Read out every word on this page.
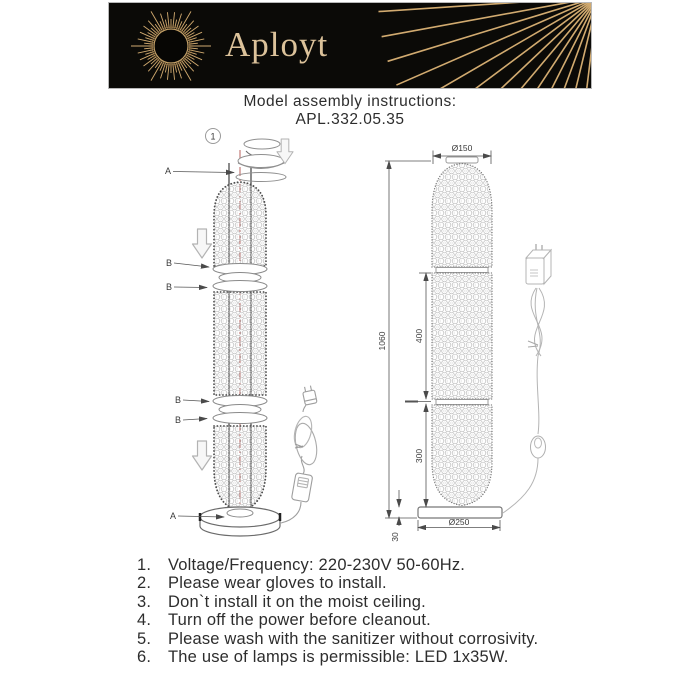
Aployt
Model assembly instructions:
APL.332.05.35
1
A
B
B
B
B
A
Ø150
1060	400
300
30
Ø250
1.	Voltage/Frequency: 220-230V 50-60Hz.
2.	Please wear gloves to install.
3.	Don`t install it on the moist ceiling.
4.	Turn off the power before cleanout.
5.	Please wash with the sanitizer without corrosivity.
6.	The use of lamps is permissible: LED 1x35W.
